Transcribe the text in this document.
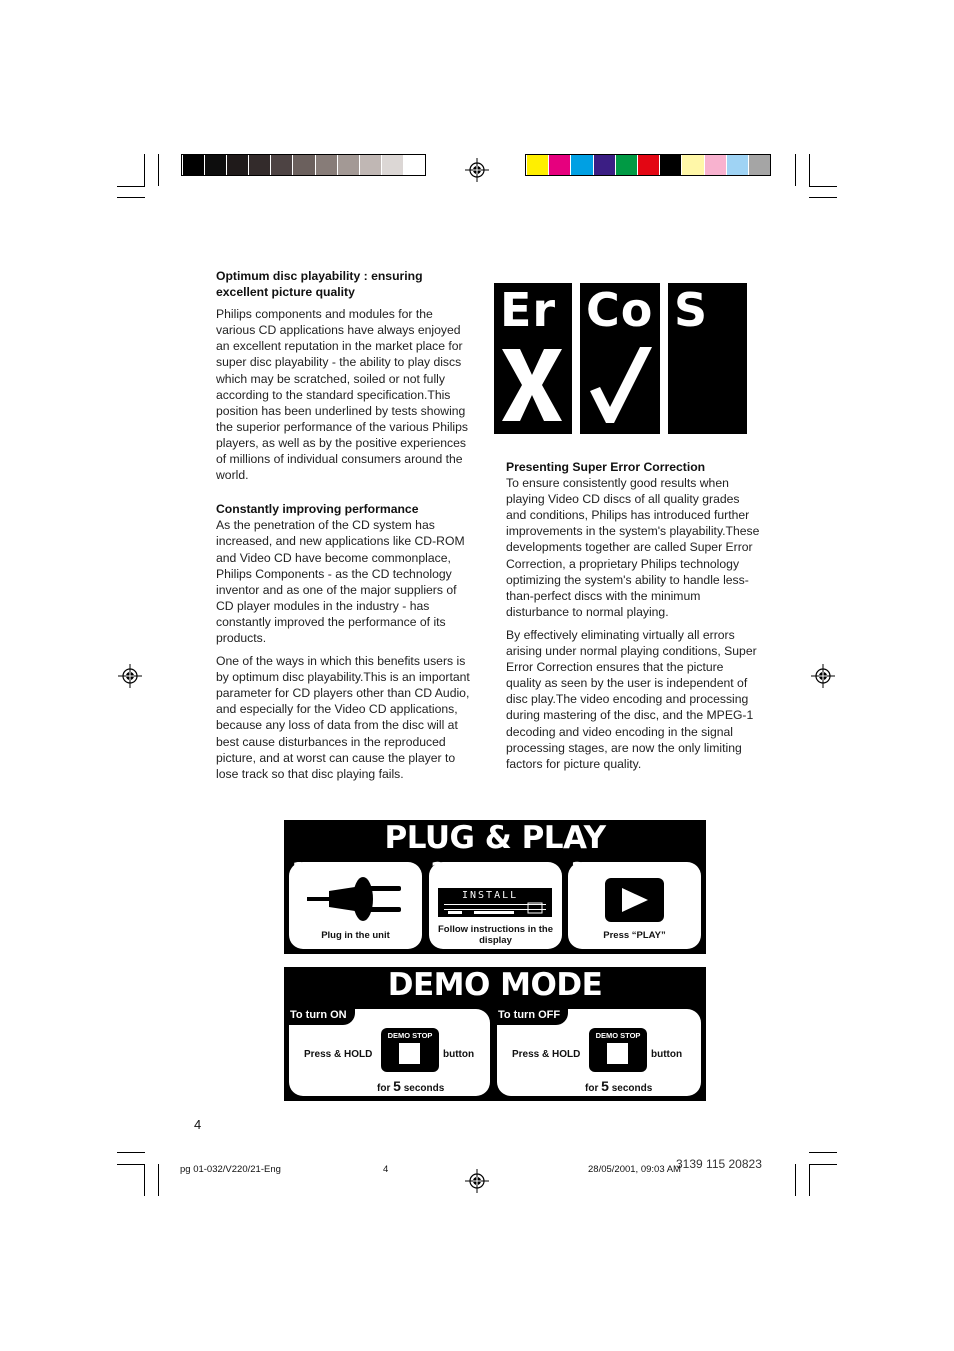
Optimum disc playability : ensuring excellent picture quality

Philips components and modules for the various CD applications have always enjoyed an excellent reputation in the market place for super disc playability - the ability to play discs which may be scratched, soiled or not fully according to the standard specification.This position has been underlined by tests showing the superior performance of the various Philips players, as well as by the positive experiences of millions of individual consumers around the world.

Constantly improving performance

As the penetration of the CD system has increased, and new applications like CD-ROM and Video CD have become commonplace, Philips Components - as the CD technology inventor and as one of the major suppliers of CD player modules in the industry - has constantly improved the performance of its products.

One of the ways in which this benefits users is by optimum disc playability.This is an important parameter for CD players other than CD Audio, and especially for the Video CD applications, because any loss of data from the disc will at best cause disturbances in the reproduced picture, and at worst can cause the player to lose track so that disc playing fails.

Er Co S
Presenting Super Error Correction

To ensure consistently good results when playing Video CD discs of all quality grades and conditions, Philips has introduced further improvements in the system's playability.These developments together are called Super Error Correction, a proprietary Philips technology optimizing the system's ability to handle less-than-perfect discs with the minimum disturbance to normal playing.

By effectively eliminating virtually all errors arising under normal playing conditions, Super Error Correction ensures that the picture quality as seen by the user is independent of disc play.The video encoding and processing during mastering of the disc, and the MPEG-1 decoding and video encoding in the signal processing stages, are now the only limiting factors for picture quality.

PLUG & PLAY
Plug in the unit
1
INSTALL
Follow instructions in the display
2
Press “PLAY”
3
DEMO MODE
Press & HOLD
DEMO STOP
button
for 5 seconds
To turn ON
Press & HOLD
DEMO STOP
button
for 5 seconds
To turn OFF
4
pg 01-032/V220/21-Eng	4	3139 115 20823
28/05/2001, 09:03 AM
